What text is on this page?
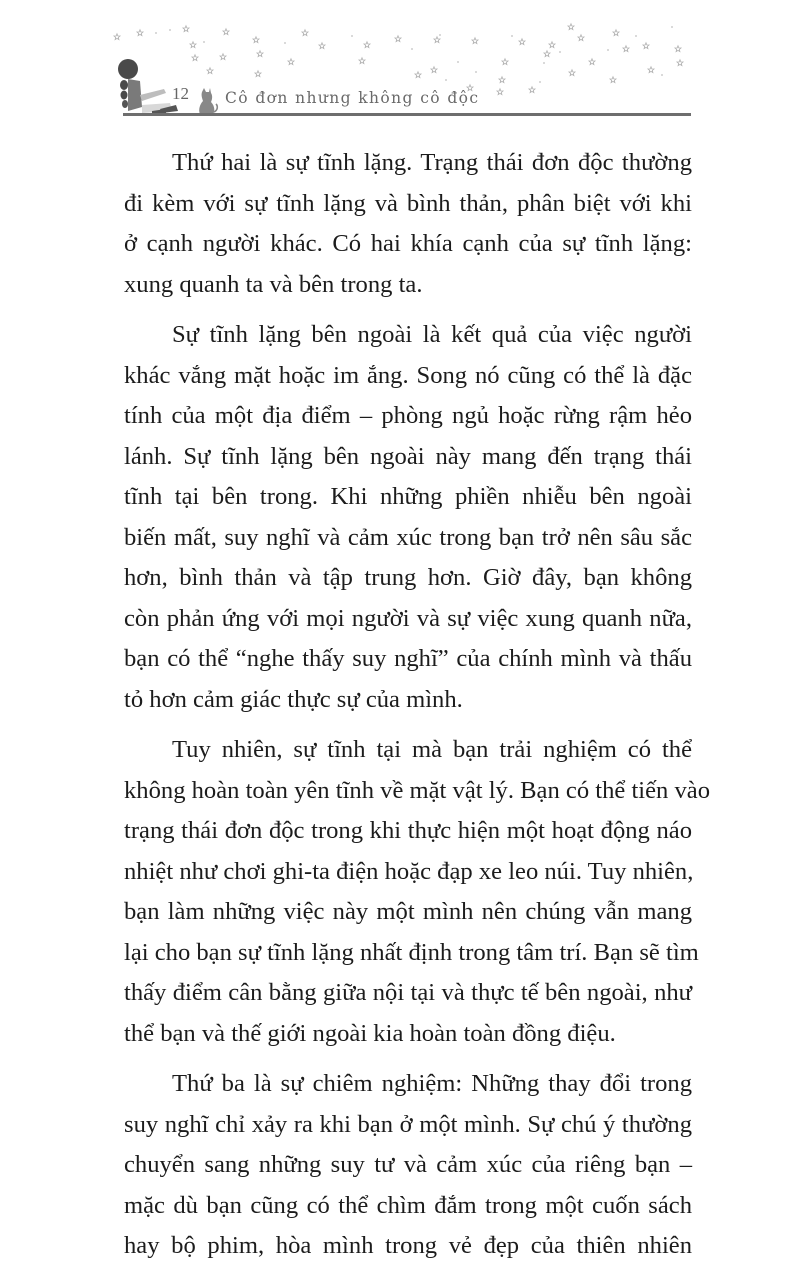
12 Cô đơn nhưng không cô độc
Thứ hai là sự tĩnh lặng. Trạng thái đơn độc thường
đi kèm với sự tĩnh lặng và bình thản, phân biệt với khi
ở cạnh người khác. Có hai khía cạnh của sự tĩnh lặng:
xung quanh ta và bên trong ta.
Sự tĩnh lặng bên ngoài là kết quả của việc người
khác vắng mặt hoặc im ắng. Song nó cũng có thể là đặc
tính của một địa điểm – phòng ngủ hoặc rừng rậm hẻo
lánh. Sự tĩnh lặng bên ngoài này mang đến trạng thái
tĩnh tại bên trong. Khi những phiền nhiễu bên ngoài
biến mất, suy nghĩ và cảm xúc trong bạn trở nên sâu sắc
hơn, bình thản và tập trung hơn. Giờ đây, bạn không
còn phản ứng với mọi người và sự việc xung quanh nữa,
bạn có thể “nghe thấy suy nghĩ” của chính mình và thấu
tỏ hơn cảm giác thực sự của mình.
Tuy nhiên, sự tĩnh tại mà bạn trải nghiệm có thể
không hoàn toàn yên tĩnh về mặt vật lý. Bạn có thể tiến vào
trạng thái đơn độc trong khi thực hiện một hoạt động náo
nhiệt như chơi ghi-ta điện hoặc đạp xe leo núi. Tuy nhiên,
bạn làm những việc này một mình nên chúng vẫn mang
lại cho bạn sự tĩnh lặng nhất định trong tâm trí. Bạn sẽ tìm
thấy điểm cân bằng giữa nội tại và thực tế bên ngoài, như
thể bạn và thế giới ngoài kia hoàn toàn đồng điệu.
Thứ ba là sự chiêm nghiệm: Những thay đổi trong
suy nghĩ chỉ xảy ra khi bạn ở một mình. Sự chú ý thường
chuyển sang những suy tư và cảm xúc của riêng bạn –
mặc dù bạn cũng có thể chìm đắm trong một cuốn sách
hay bộ phim, hòa mình trong vẻ đẹp của thiên nhiên
